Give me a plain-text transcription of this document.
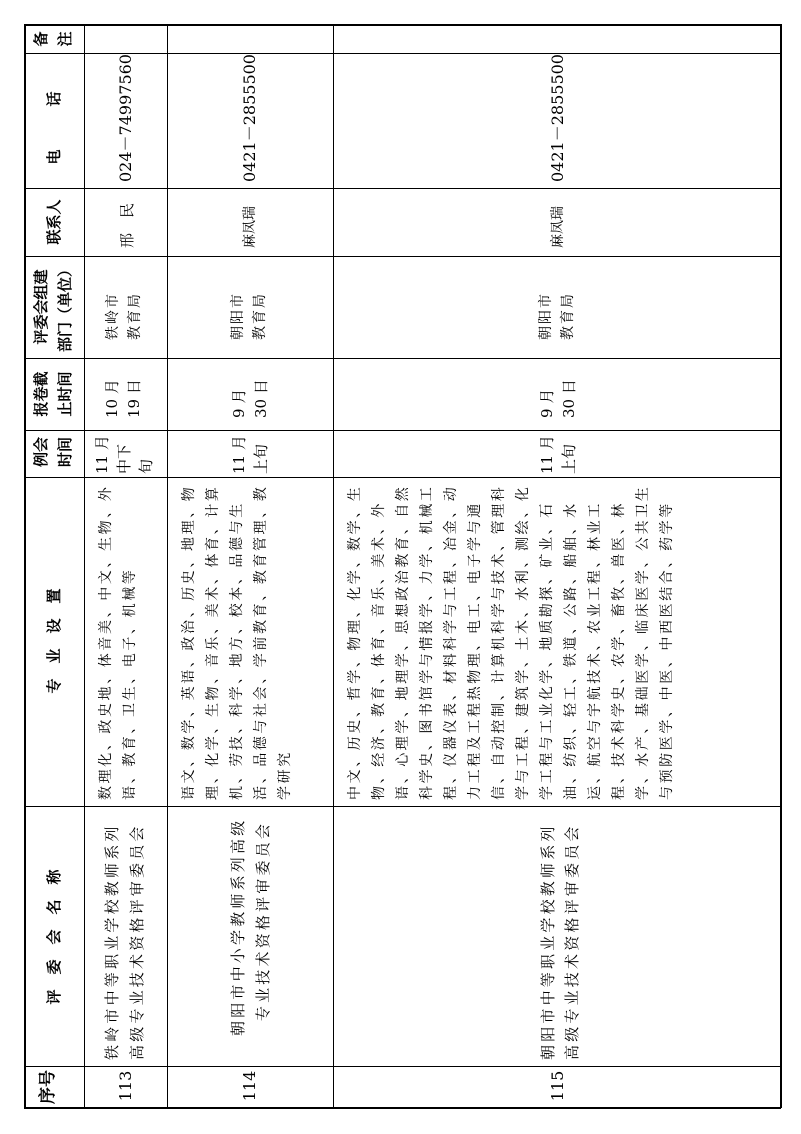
序号
评　委　会　名　称
专　业　设　置
例会 时间
报卷截 止时间
评委会组建 部门（单位）
联系人
电　话
备 注
113
铁岭市中等职业学校教师系列 高级专业技术资格评审委员会
数理化、政史地、体音美、中文、生物、外语、教育、卫生、电子、机械等
11 月 中下 旬
10 月 19 日
铁岭市 教育局
邢　民
024－74997560
114
朝阳市中小学教师系列高级 专业技术资格评审委员会
语文、数学、英语、政治、历史、地理、物理、化学、生物、音乐、美术、体育、计算机、劳技、科学、地方、校本、品德与生活、品德与社会、学前教育、教育管理、教学研究
11 月 上旬
9 月 30 日
朝阳市 教育局
麻凤瑞
0421－2855500
115
朝阳市中等职业学校教师系列 高级专业技术资格评审委员会
中文、历史、哲学、物理、化学、数学、生物、经济、教育、体育、音乐、美术、外语、心理学、地理学、思想政治教育、自然科学史、图书馆学与情报学、力学、机械工程、仪器仪表、材料科学与工程、冶金、动力工程及工程热物理、电工、电子学与通信、自动控制、计算机科学与技术、管理科学与工程、建筑学、土木、水利、测绘、化学工程与工业化学、地质勘探、矿业、石油、纺织、轻工、铁道、公路、船舶、水运、航空与宇航技术、农业工程、林业工程、技术科学史、农学、畜牧、兽医、林学、水产、基础医学、临床医学、公共卫生与预防医学、中医、中西医结合、药学等
11 月 上旬
9 月 30 日
朝阳市 教育局
麻凤瑞
0421－2855500
